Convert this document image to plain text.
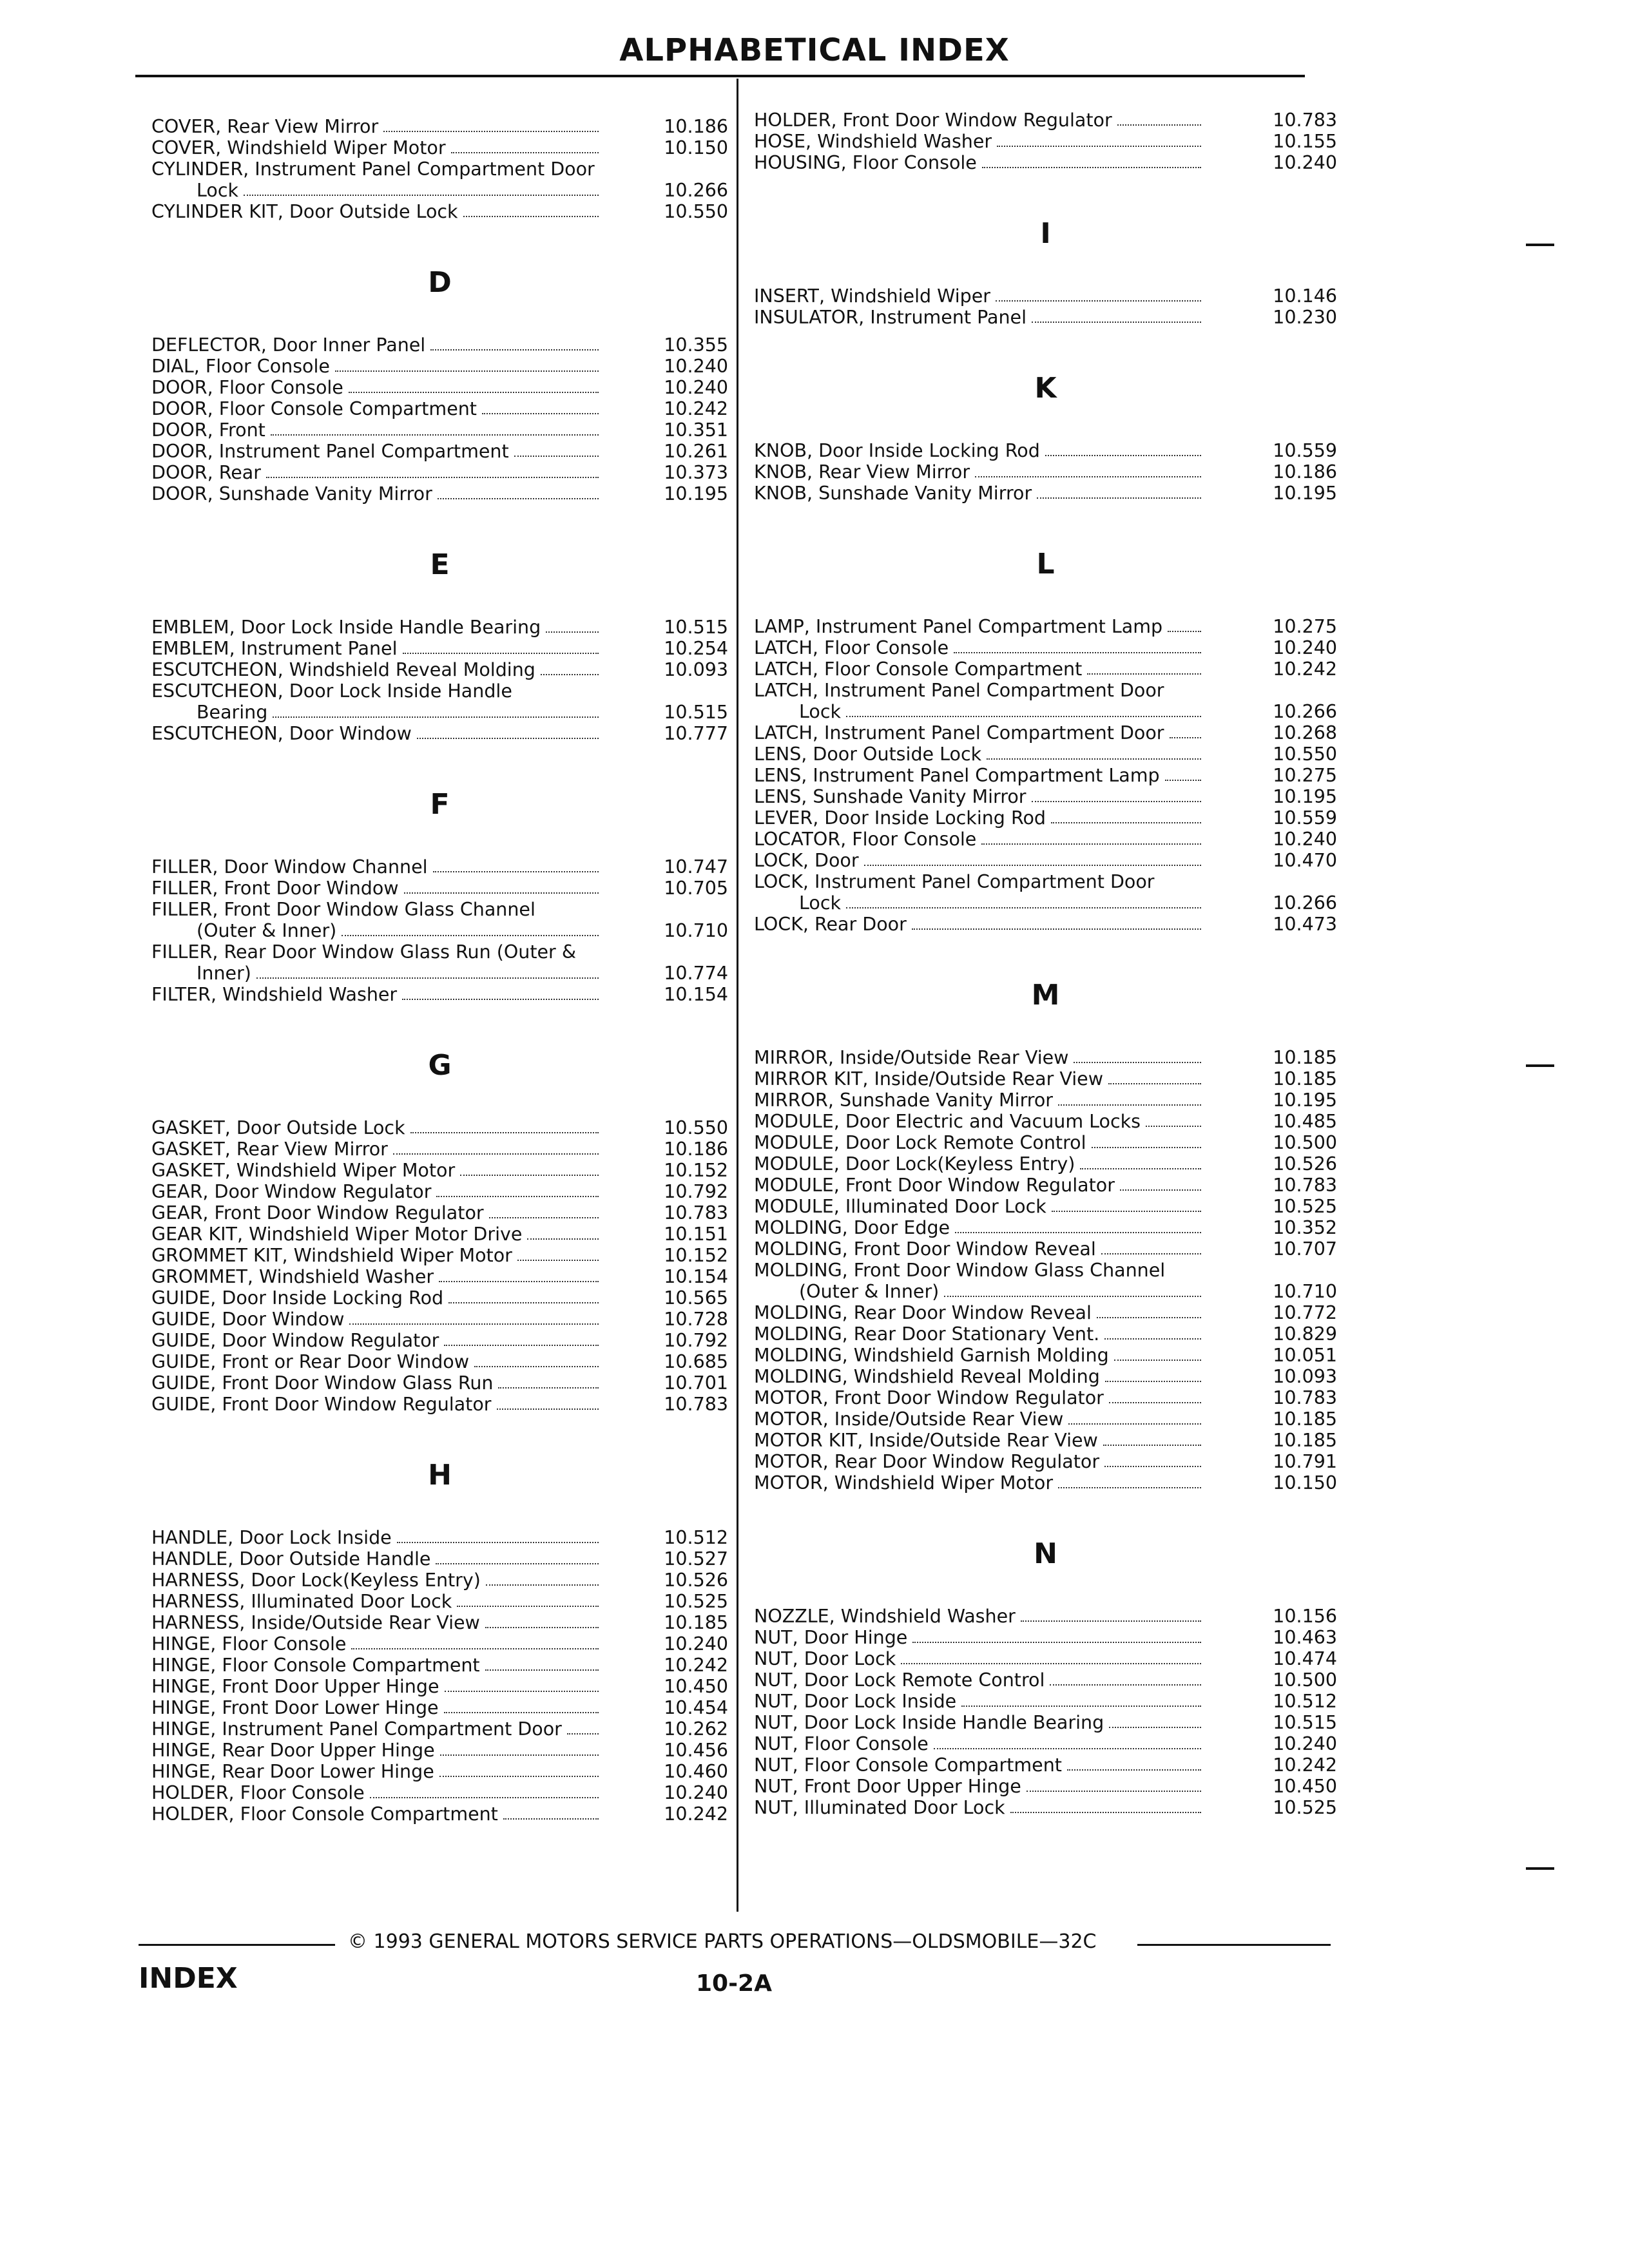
ALPHABETICAL INDEX
COVER, Rear View Mirror	10.186
COVER, Windshield Wiper Motor	10.150
CYLINDER, Instrument Panel Compartment Door
Lock	10.266
CYLINDER KIT, Door Outside Lock	10.550
D
DEFLECTOR, Door Inner Panel	10.355
DIAL, Floor Console	10.240
DOOR, Floor Console	10.240
DOOR, Floor Console Compartment	10.242
DOOR, Front	10.351
DOOR, Instrument Panel Compartment	10.261
DOOR, Rear	10.373
DOOR, Sunshade Vanity Mirror	10.195
E
EMBLEM, Door Lock Inside Handle Bearing	10.515
EMBLEM, Instrument Panel	10.254
ESCUTCHEON, Windshield Reveal Molding	10.093
ESCUTCHEON, Door Lock Inside Handle
Bearing	10.515
ESCUTCHEON, Door Window	10.777
F
FILLER, Door Window Channel	10.747
FILLER, Front Door Window	10.705
FILLER, Front Door Window Glass Channel
(Outer & Inner)	10.710
FILLER, Rear Door Window Glass Run (Outer &
Inner)	10.774
FILTER, Windshield Washer	10.154
G
GASKET, Door Outside Lock	10.550
GASKET, Rear View Mirror	10.186
GASKET, Windshield Wiper Motor	10.152
GEAR, Door Window Regulator	10.792
GEAR, Front Door Window Regulator	10.783
GEAR KIT, Windshield Wiper Motor Drive	10.151
GROMMET KIT, Windshield Wiper Motor	10.152
GROMMET, Windshield Washer	10.154
GUIDE, Door Inside Locking Rod	10.565
GUIDE, Door Window	10.728
GUIDE, Door Window Regulator	10.792
GUIDE, Front or Rear Door Window	10.685
GUIDE, Front Door Window Glass Run	10.701
GUIDE, Front Door Window Regulator	10.783
H
HANDLE, Door Lock Inside	10.512
HANDLE, Door Outside Handle	10.527
HARNESS, Door Lock(Keyless Entry)	10.526
HARNESS, Illuminated Door Lock	10.525
HARNESS, Inside/Outside Rear View	10.185
HINGE, Floor Console	10.240
HINGE, Floor Console Compartment	10.242
HINGE, Front Door Upper Hinge	10.450
HINGE, Front Door Lower Hinge	10.454
HINGE, Instrument Panel Compartment Door	10.262
HINGE, Rear Door Upper Hinge	10.456
HINGE, Rear Door Lower Hinge	10.460
HOLDER, Floor Console	10.240
HOLDER, Floor Console Compartment	10.242
HOLDER, Front Door Window Regulator	10.783
HOSE, Windshield Washer	10.155
HOUSING, Floor Console	10.240
I
INSERT, Windshield Wiper	10.146
INSULATOR, Instrument Panel	10.230
K
KNOB, Door Inside Locking Rod	10.559
KNOB, Rear View Mirror	10.186
KNOB, Sunshade Vanity Mirror	10.195
L
LAMP, Instrument Panel Compartment Lamp	10.275
LATCH, Floor Console	10.240
LATCH, Floor Console Compartment	10.242
LATCH, Instrument Panel Compartment Door
Lock	10.266
LATCH, Instrument Panel Compartment Door	10.268
LENS, Door Outside Lock	10.550
LENS, Instrument Panel Compartment Lamp	10.275
LENS, Sunshade Vanity Mirror	10.195
LEVER, Door Inside Locking Rod	10.559
LOCATOR, Floor Console	10.240
LOCK, Door	10.470
LOCK, Instrument Panel Compartment Door
Lock	10.266
LOCK, Rear Door	10.473
M
MIRROR, Inside/Outside Rear View	10.185
MIRROR KIT, Inside/Outside Rear View	10.185
MIRROR, Sunshade Vanity Mirror	10.195
MODULE, Door Electric and Vacuum Locks	10.485
MODULE, Door Lock Remote Control	10.500
MODULE, Door Lock(Keyless Entry)	10.526
MODULE, Front Door Window Regulator	10.783
MODULE, Illuminated Door Lock	10.525
MOLDING, Door Edge	10.352
MOLDING, Front Door Window Reveal	10.707
MOLDING, Front Door Window Glass Channel
(Outer & Inner)	10.710
MOLDING, Rear Door Window Reveal	10.772
MOLDING, Rear Door Stationary Vent.	10.829
MOLDING, Windshield Garnish Molding	10.051
MOLDING, Windshield Reveal Molding	10.093
MOTOR, Front Door Window Regulator	10.783
MOTOR, Inside/Outside Rear View	10.185
MOTOR KIT, Inside/Outside Rear View	10.185
MOTOR, Rear Door Window Regulator	10.791
MOTOR, Windshield Wiper Motor	10.150
N
NOZZLE, Windshield Washer	10.156
NUT, Door Hinge	10.463
NUT, Door Lock	10.474
NUT, Door Lock Remote Control	10.500
NUT, Door Lock Inside	10.512
NUT, Door Lock Inside Handle Bearing	10.515
NUT, Floor Console	10.240
NUT, Floor Console Compartment	10.242
NUT, Front Door Upper Hinge	10.450
NUT, Illuminated Door Lock	10.525
© 1993 GENERAL MOTORS SERVICE PARTS OPERATIONS—OLDSMOBILE—32C
INDEX	10-2A
